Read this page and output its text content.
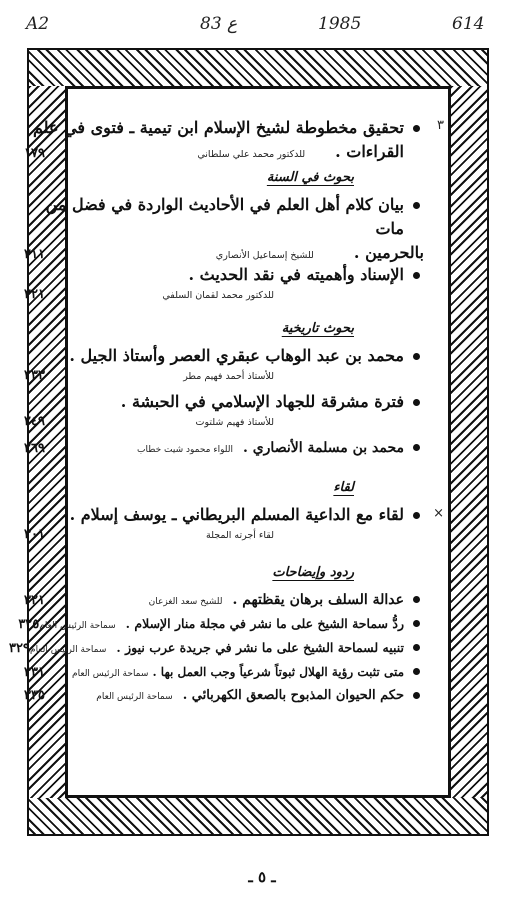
A2	83 ع	1985	614
٣
تحقيق مخطوطة لشيخ الإسلام ابن تيمية ـ فتوى في علم
القراءات .
للدكتور محمد علي سلطاني
١٧٩
بحوث في السنة
بيان كلام أهل العلم في الأحاديث الواردة في فضل من مات
بالحرمين .
للشيخ إسماعيل الأنصاري
٢١١
الإسناد وأهميته في نقد الحديث .
للدكتور محمد لقمان السلفي
٢٢١
بحوث تاريخية
محمد بن عبد الوهاب عبقري العصر وأستاذ الجيل .
للأستاذ أحمد فهيم مطر
٢٣٣
فترة مشرقة للجهاد الإسلامي في الحبشة .
للأستاذ فهيم شلتوت
٢٤٩
محمد بن مسلمة الأنصاري .
اللواء محمود شيت خطاب
٢٦٩
لقاء
×
لقاء مع الداعية المسلم البريطاني ـ يوسف إسلام .
لقاء أجرته المجلة
٣٠١
ردود وإيضاحات
عدالة السلف برهان يقظتهم .
للشيخ سعد الغزعان
٣٢١
ردُّ سماحة الشيخ على ما نشر في مجلة منار الإسلام .
سماحة الرئيس العام
٣٢٥
تنبيه لسماحة الشيخ على ما نشر في جريدة عرب نيوز .
سماحة الرئيس العام
٣٢٩
متى تثبت رؤية الهلال ثبوتاً شرعياً وجب العمل بها .
سماحة الرئيس العام
٣٣١
حكم الحيوان المذبوح بالصعق الكهربائي .
سماحة الرئيس العام
٣٣٥
ـ ٥ ـ
